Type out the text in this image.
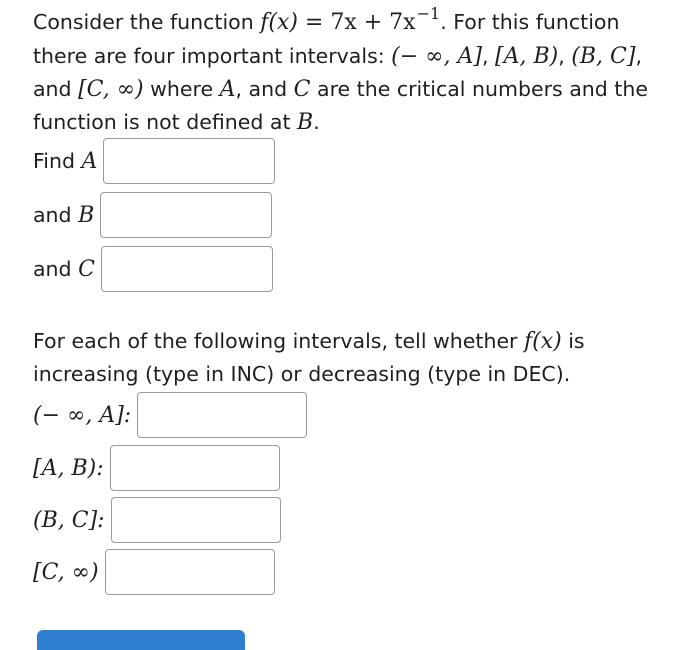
Consider the function $f(x) = 7x + 7x^{-1}$. For this function there are four important intervals: (− ∞, A], [A, B), (B, C], and [C, ∞) where A, and C are the critical numbers and the function is not defined at B.

Find A
and B
and C

For each of the following intervals, tell whether f(x) is increasing (type in INC) or decreasing (type in DEC).

(− ∞, A]:
[A, B):
(B, C]:
[C, ∞)
